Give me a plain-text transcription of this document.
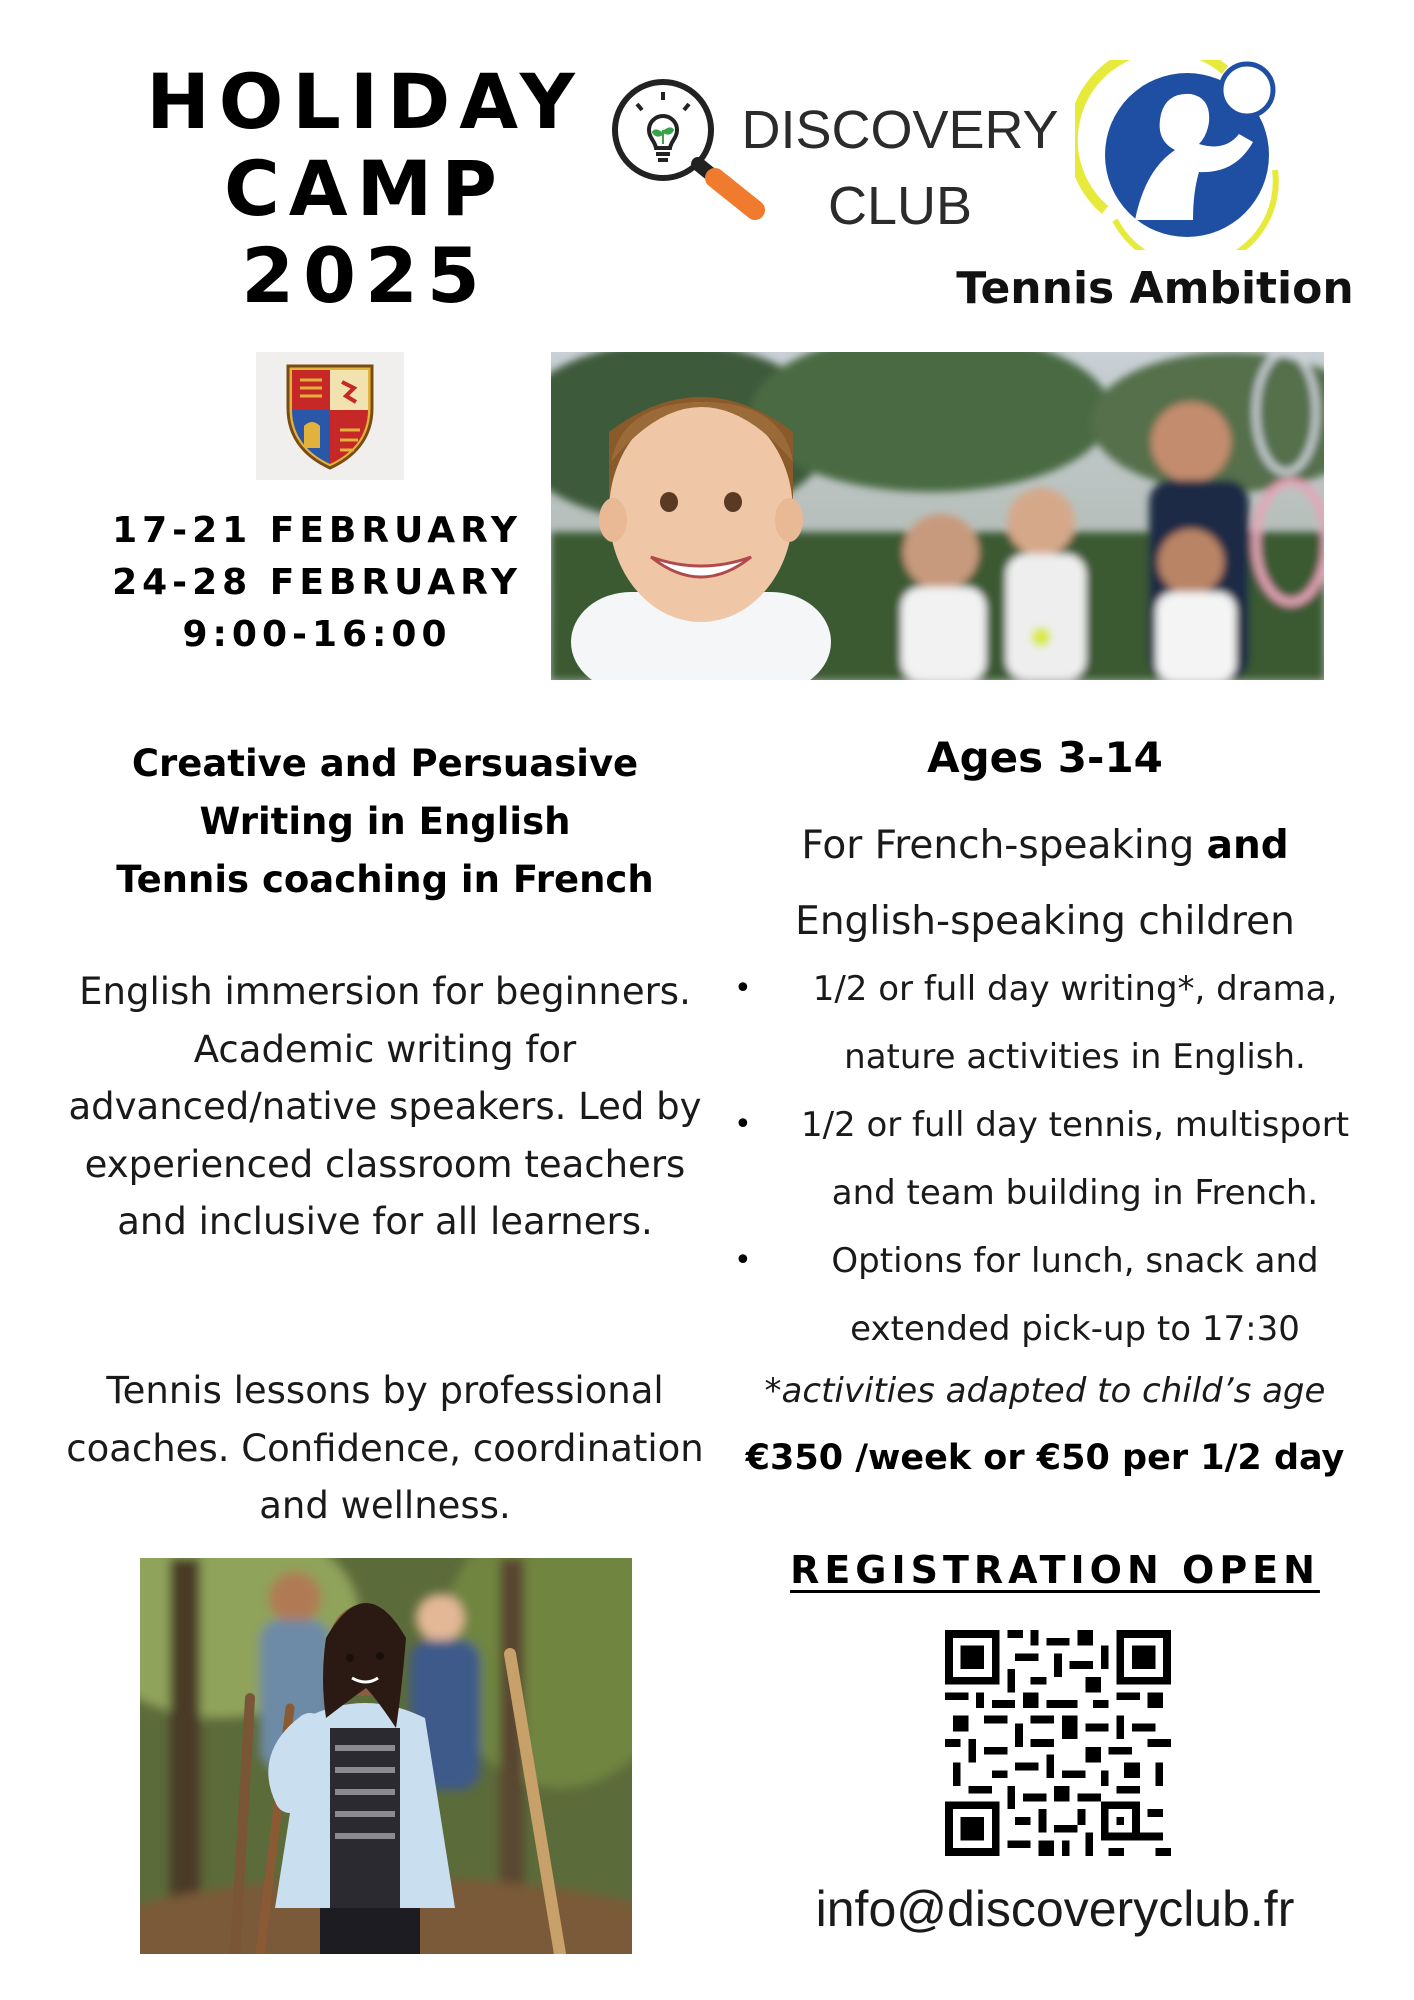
HOLIDAY
CAMP
2025
DISCOVERY
CLUB
Tennis Ambition
17-21 FEBRUARY
24-28 FEBRUARY
9:00-16:00
Creative and Persuasive
Writing in English
Tennis coaching in French
English immersion for beginners. Academic writing for advanced/native speakers. Led by experienced classroom teachers and inclusive for all learners.
Tennis lessons by professional coaches. Confidence, coordination and wellness.
Ages 3-14
For French-speaking and
English-speaking children
• 1/2 or full day writing*, drama, nature activities in English.
• 1/2 or full day tennis, multisport and team building in French.
• Options for lunch, snack and extended pick-up to 17:30
*activities adapted to child’s age
€350 /week or €50 per 1/2 day
REGISTRATION OPEN
info@discoveryclub.fr
